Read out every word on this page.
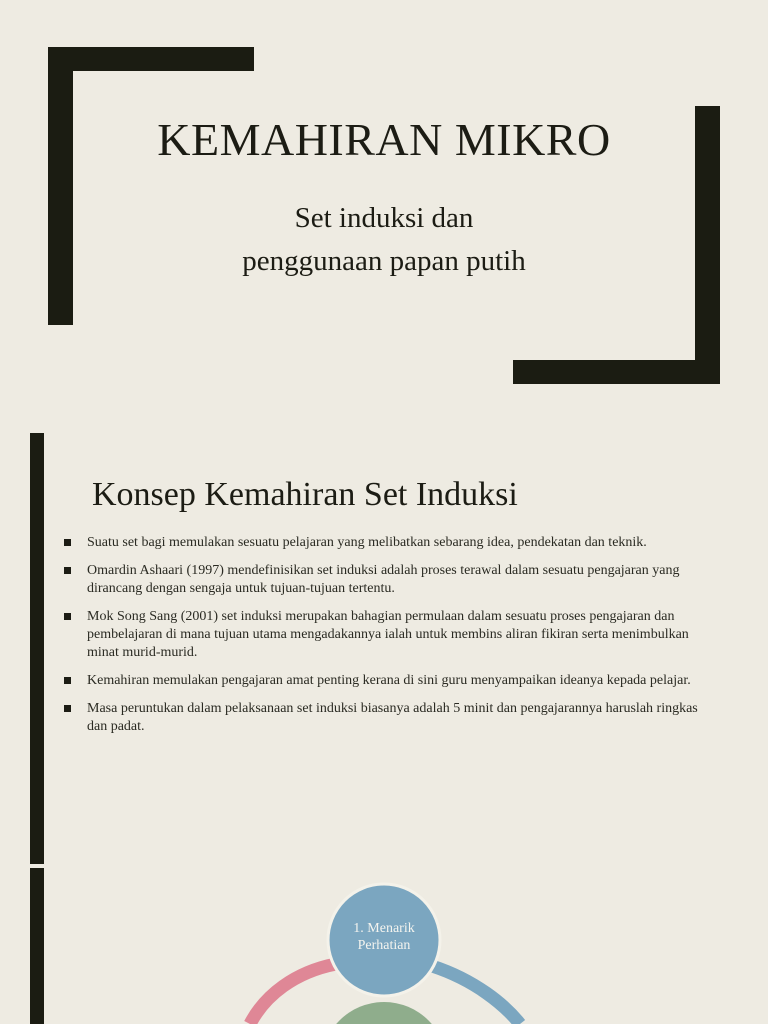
KEMAHIRAN MIKRO
Set induksi dan
penggunaan papan putih
Konsep Kemahiran Set Induksi
Suatu set bagi memulakan sesuatu pelajaran yang melibatkan sebarang idea, pendekatan dan teknik.
Omardin Ashaari (1997) mendefinisikan set induksi adalah proses terawal dalam sesuatu pengajaran yang dirancang dengan sengaja untuk tujuan-tujuan tertentu.
Mok Song Sang (2001) set induksi merupakan bahagian permulaan dalam sesuatu proses pengajaran dan pembelajaran di mana tujuan utama mengadakannya ialah untuk membins aliran fikiran serta menimbulkan minat murid-murid.
Kemahiran memulakan pengajaran amat penting kerana di sini guru menyampaikan ideanya kepada pelajar.
Masa peruntukan dalam pelaksanaan set induksi biasanya adalah 5 minit dan pengajarannya haruslah ringkas dan padat.
1. Menarik
Perhatian
